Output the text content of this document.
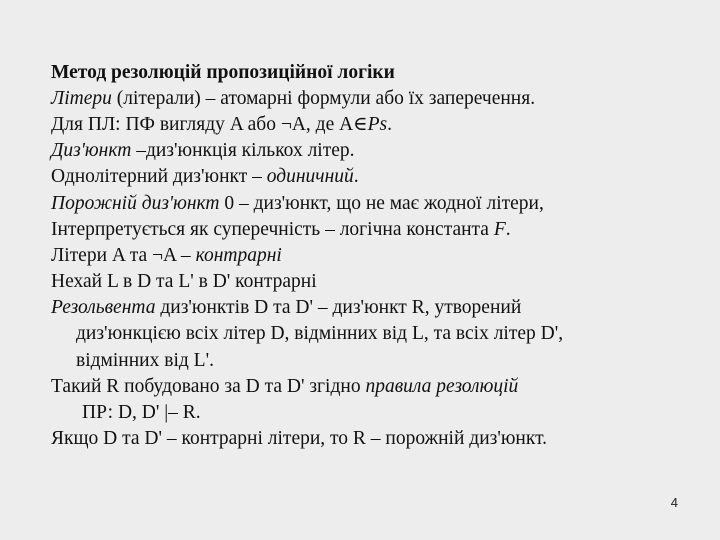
Метод резолюцій пропозиційної логіки
Літери (літерали) – атомарні формули або їх заперечення.
Для ПЛ: ПФ вигляду A або ¬A, де A∈Ps.
Диз'юнкт –диз'юнкція кількох літер.
Однолітерний диз'юнкт – одиничний.
Порожній диз'юнкт 0 – диз'юнкт, що не має жодної літери,
Інтерпретується як суперечність – логічна константа F.
Літери A та ¬A – контрарні
Нехай L в D та L' в D' контрарні
Резольвента диз'юнктів D та D' – диз'юнкт R, утворений
диз'юнкцією всіх літер D, відмінних від L, та всіх літер D',
відмінних від L'.
Такий R побудовано за D та D' згідно правила резолюцій
ПР: D, D' |– R.
Якщо D та D' – контрарні літери, то R – порожній диз'юнкт.
4
